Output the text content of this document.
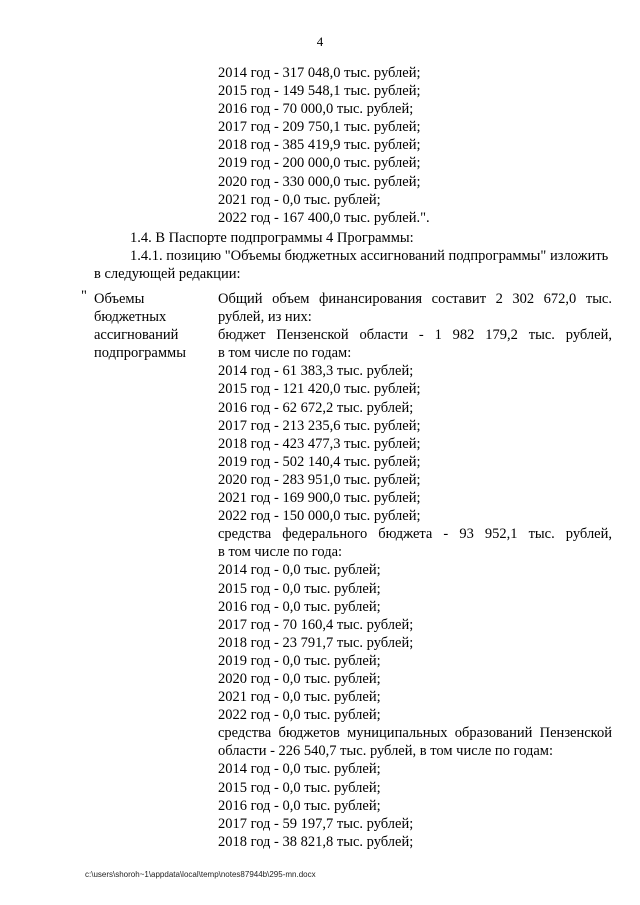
4
2014 год - 317 048,0 тыс. рублей;
2015 год - 149 548,1 тыс. рублей;
2016 год - 70 000,0 тыс. рублей;
2017 год - 209 750,1 тыс. рублей;
2018 год - 385 419,9 тыс. рублей;
2019 год - 200 000,0 тыс. рублей;
2020 год - 330 000,0 тыс. рублей;
2021 год - 0,0 тыс. рублей;
2022 год - 167 400,0 тыс. рублей.".
1.4. В Паспорте подпрограммы 4 Программы:
1.4.1. позицию "Объемы бюджетных ассигнований подпрограммы" изложить
в следующей редакции:
" Объемы
бюджетных
ассигнований
подпрограммы
Общий объем финансирования составит 2 302 672,0 тыс.
рублей, из них:
бюджет Пензенской области - 1 982 179,2 тыс. рублей,
в том числе по годам:
2014 год - 61 383,3 тыс. рублей;
2015 год - 121 420,0 тыс. рублей;
2016 год - 62 672,2 тыс. рублей;
2017 год - 213 235,6 тыс. рублей;
2018 год - 423 477,3 тыс. рублей;
2019 год - 502 140,4 тыс. рублей;
2020 год - 283 951,0 тыс. рублей;
2021 год - 169 900,0 тыс. рублей;
2022 год - 150 000,0 тыс. рублей;
средства федерального бюджета - 93 952,1 тыс. рублей,
в том числе по года:
2014 год - 0,0 тыс. рублей;
2015 год - 0,0 тыс. рублей;
2016 год - 0,0 тыс. рублей;
2017 год - 70 160,4 тыс. рублей;
2018 год - 23 791,7 тыс. рублей;
2019 год - 0,0 тыс. рублей;
2020 год - 0,0 тыс. рублей;
2021 год - 0,0 тыс. рублей;
2022 год - 0,0 тыс. рублей;
средства бюджетов муниципальных образований Пензенской
области - 226 540,7 тыс. рублей, в том числе по годам:
2014 год - 0,0 тыс. рублей;
2015 год - 0,0 тыс. рублей;
2016 год - 0,0 тыс. рублей;
2017 год - 59 197,7 тыс. рублей;
2018 год - 38 821,8 тыс. рублей;
c:\users\shoroh~1\appdata\local\temp\notes87944b\295-mn.docx
